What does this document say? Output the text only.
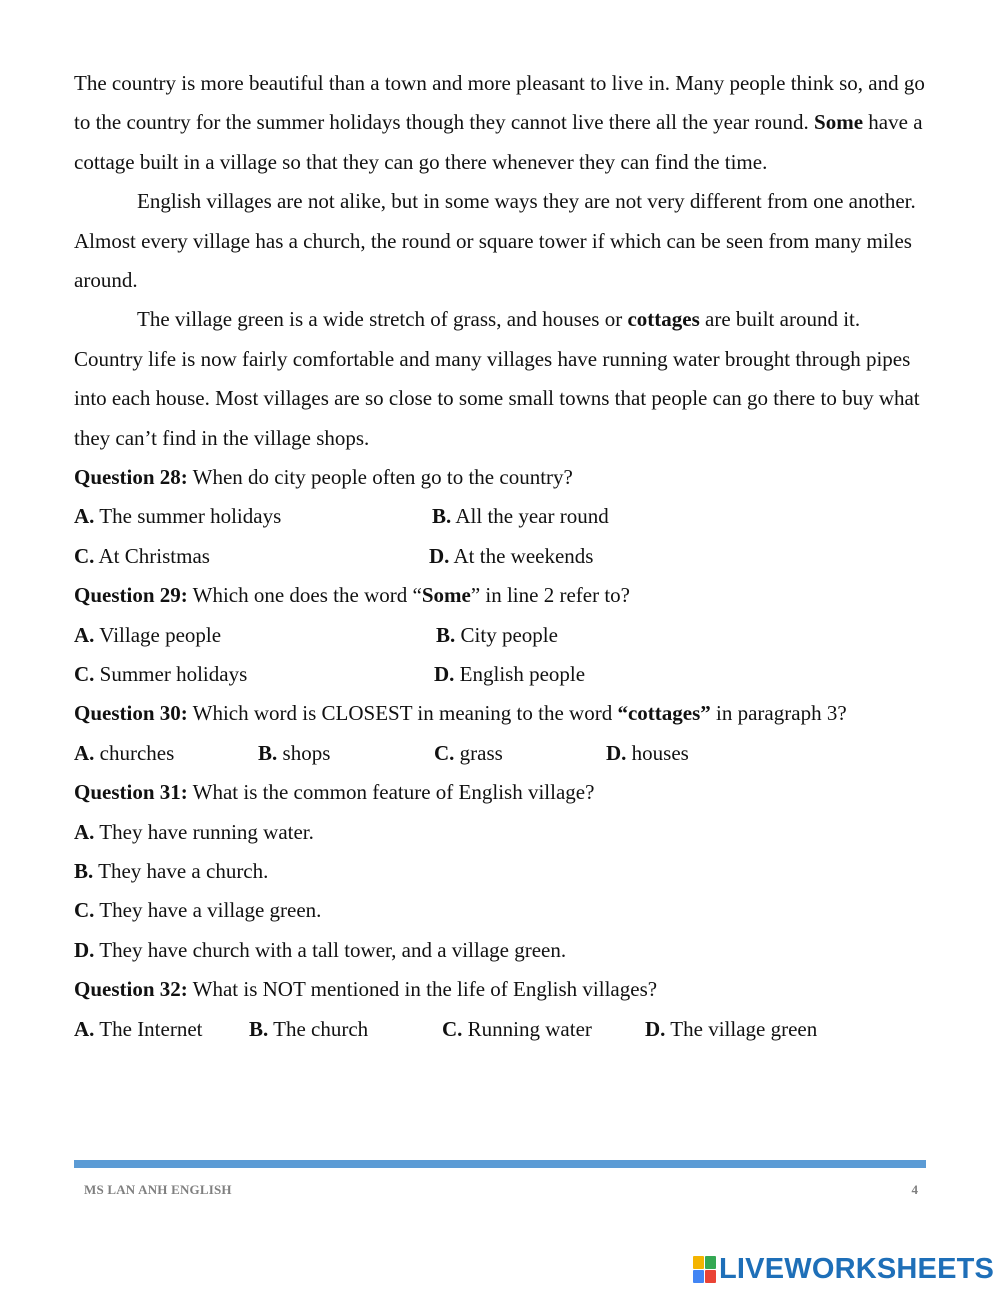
The country is more beautiful than a town and more pleasant to live in. Many people think so, and go to the country for the summer holidays though they cannot live there all the year round. Some have a cottage built in a village so that they can go there whenever they can find the time.

English villages are not alike, but in some ways they are not very different from one another. Almost every village has a church, the round or square tower if which can be seen from many miles around.

The village green is a wide stretch of grass, and houses or cottages are built around it. Country life is now fairly comfortable and many villages have running water brought through pipes into each house. Most villages are so close to some small towns that people can go there to buy what they can’t find in the village shops.

Question 28: When do city people often go to the country?
A. The summer holidays	B. All the year round
C. At Christmas	D. At the weekends
Question 29: Which one does the word “Some” in line 2 refer to?
A. Village people	B. City people
C. Summer holidays	D. English people
Question 30: Which word is CLOSEST in meaning to the word “cottages” in paragraph 3?
A. churches	B. shops	C. grass	D. houses
Question 31: What is the common feature of English village?
A. They have running water.
B. They have a church.
C. They have a village green.
D. They have church with a tall tower, and a village green.
Question 32: What is NOT mentioned in the life of English villages?
A. The Internet B. The church	C. Running water	D. The village green
MS LAN ANH ENGLISH	4
LIVEWORKSHEETS
